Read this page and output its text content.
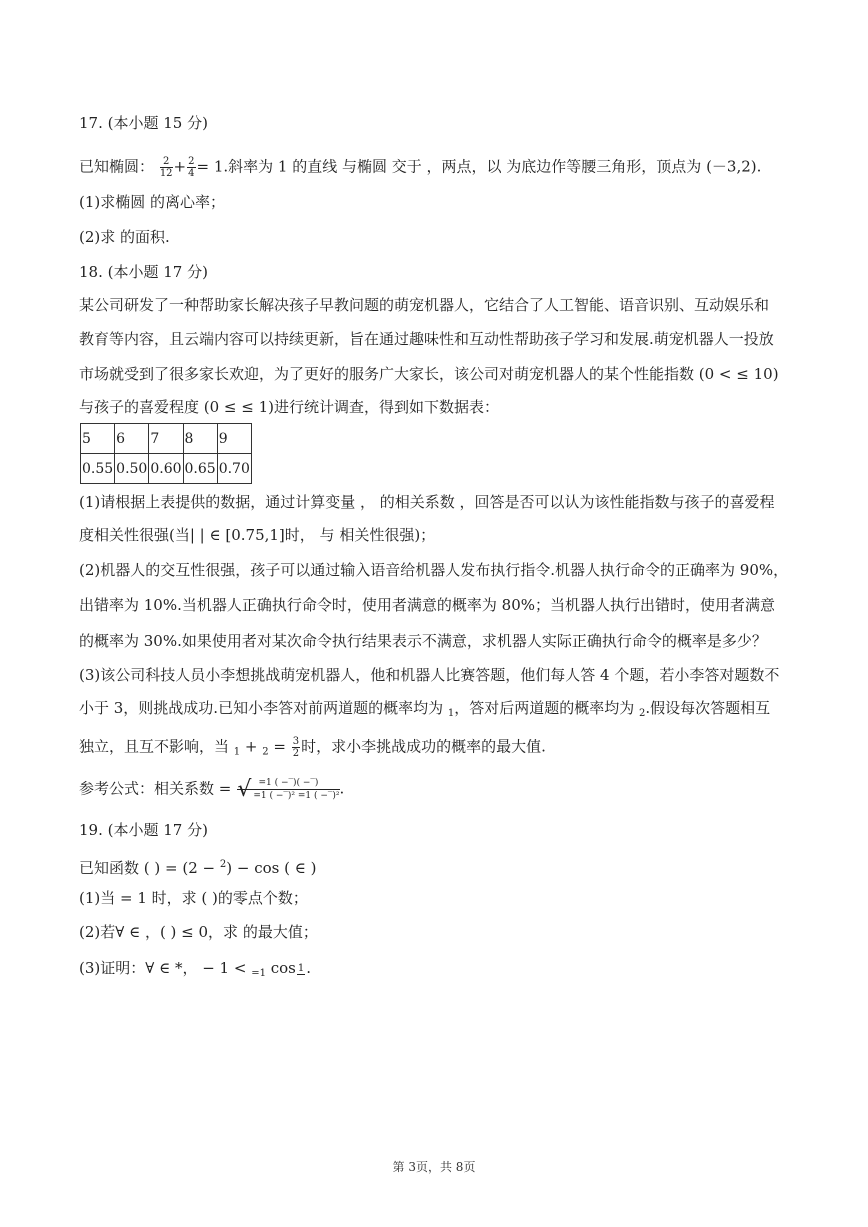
17. (本小题 15 分)
已知椭圆： $\frac{2}{12} + \frac{2}{4} = 1$.斜率为 1 的直线 与椭圆 交于 ，两点，以 为底边作等腰三角形，顶点为 (－3,2).
(1)求椭圆 的离心率；
(2)求 的面积.
18. (本小题 17 分)
某公司研发了一种帮助家长解决孩子早教问题的萌宠机器人，它结合了人工智能、语音识别、互动娱乐和
教育等内容，且云端内容可以持续更新，旨在通过趣味性和互动性帮助孩子学习和发展.萌宠机器人一投放
市场就受到了很多家长欢迎，为了更好的服务广大家长，该公司对萌宠机器人的某个性能指数 (0 < ≤ 10)
与孩子的喜爱程度 (0 ≤ ≤ 1)进行统计调查，得到如下数据表：
5	6	7	8	9
0.55	0.50	0.60	0.65	0.70
(1)请根据上表提供的数据，通过计算变量 ， 的相关系数 ，回答是否可以认为该性能指数与孩子的喜爱程
度相关性很强(当| | ∈ [0.75,1]时， 与 相关性很强)；
(2)机器人的交互性很强，孩子可以通过输入语音给机器人发布执行指令.机器人执行命令的正确率为 90%，
出错率为 10%.当机器人正确执行命令时，使用者满意的概率为 80%；当机器人执行出错时，使用者满意
的概率为 30%.如果使用者对某次命令执行结果表示不满意，求机器人实际正确执行命令的概率是多少？
(3)该公司科技人员小李想挑战萌宠机器人，他和机器人比赛答题，他们每人答 4 个题，若小李答对题数不
小于 3，则挑战成功.已知小李答对前两道题的概率均为 $_1$，答对后两道题的概率均为 $_2$.假设每次答题相互
独立，且互不影响，当 $_1 + _2 = \frac{3}{2}$ 时，求小李挑战成功的概率的最大值.
参考公式：相关系数 = =1 ( −‾)( −‾)
√ =1 ( −‾)² =1 ( −‾)² .
19. (本小题 17 分)
已知函数 ( ) = (2 − $^2$) − cos ( ∈ )
(1)当 = 1 时，求 ( )的零点个数；
(2)若∀ ∈ ，( ) ≤ 0，求 的最大值；
(3)证明：∀ ∈ *， − 1 < $_{=1}$ cos 1 .
第 3页，共 8页
